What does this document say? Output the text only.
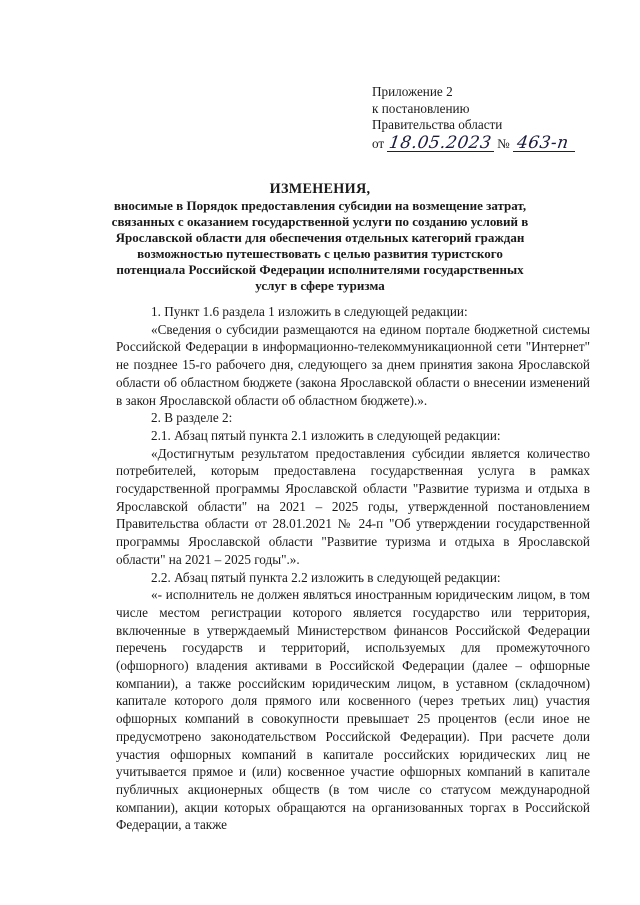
Приложение 2
к постановлению
Правительства области
от 18.05.2023 № 463-п
ИЗМЕНЕНИЯ,
вносимые в Порядок предоставления субсидии на возмещение затрат, связанных с оказанием государственной услуги по созданию условий в Ярославской области для обеспечения отдельных категорий граждан возможностью путешествовать с целью развития туристского потенциала Российской Федерации исполнителями государственных услуг в сфере туризма

1. Пункт 1.6 раздела 1 изложить в следующей редакции:

«Сведения о субсидии размещаются на едином портале бюджетной системы Российской Федерации в информационно-телекоммуникационной сети "Интернет" не позднее 15-го рабочего дня, следующего за днем принятия закона Ярославской области об областном бюджете (закона Ярославской области о внесении изменений в закон Ярославской области об областном бюджете).».

2. В разделе 2:

2.1. Абзац пятый пункта 2.1 изложить в следующей редакции:

«Достигнутым результатом предоставления субсидии является количество потребителей, которым предоставлена государственная услуга в рамках государственной программы Ярославской области "Развитие туризма и отдыха в Ярославской области" на 2021 – 2025 годы, утвержденной постановлением Правительства области от 28.01.2021 № 24-п "Об утверждении государственной программы Ярославской области "Развитие туризма и отдыха в Ярославской области" на 2021 – 2025 годы".».

2.2. Абзац пятый пункта 2.2 изложить в следующей редакции:

«- исполнитель не должен являться иностранным юридическим лицом, в том числе местом регистрации которого является государство или территория, включенные в утверждаемый Министерством финансов Российской Федерации перечень государств и территорий, используемых для промежуточного (офшорного) владения активами в Российской Федерации (далее – офшорные компании), а также российским юридическим лицом, в уставном (складочном) капитале которого доля прямого или косвенного (через третьих лиц) участия офшорных компаний в совокупности превышает 25 процентов (если иное не предусмотрено законодательством Российской Федерации). При расчете доли участия офшорных компаний в капитале российских юридических лиц не учитывается прямое и (или) косвенное участие офшорных компаний в капитале публичных акционерных обществ (в том числе со статусом международной компании), акции которых обращаются на организованных торгах в Российской Федерации, а также
